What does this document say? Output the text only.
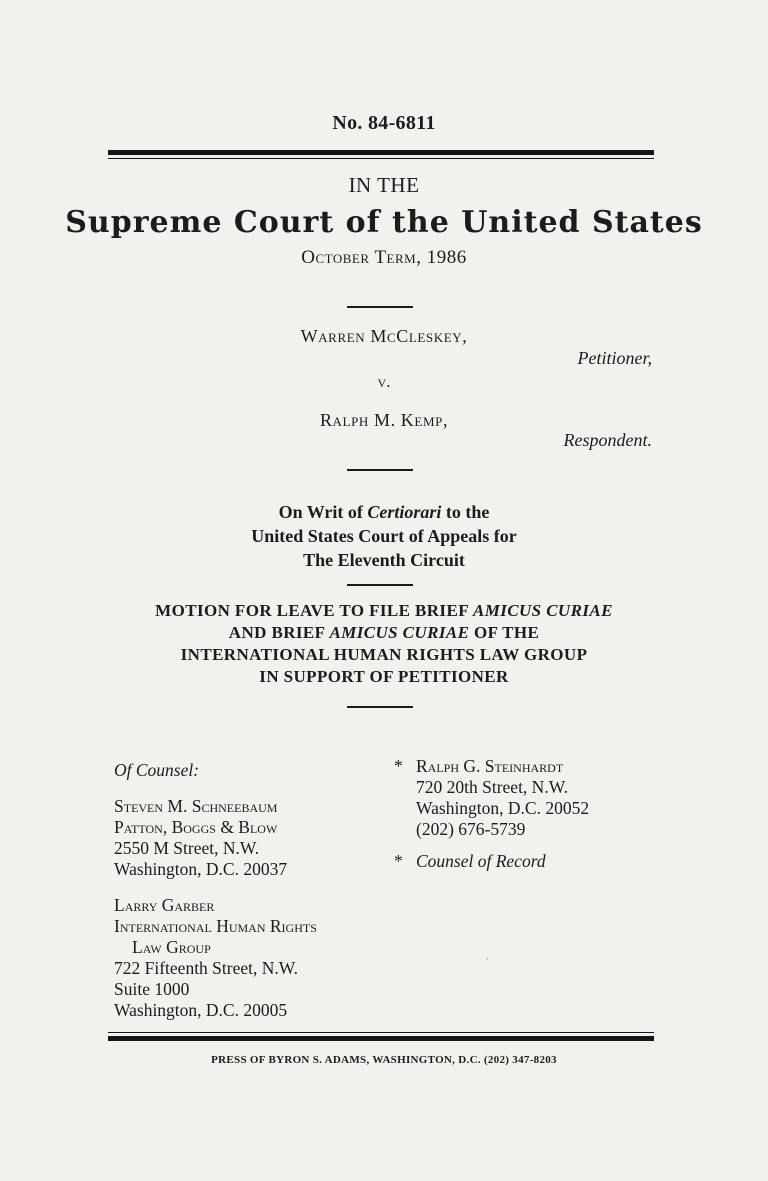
No. 84-6811
IN THE
Supreme Court of the United States
October Term, 1986
Warren McCleskey,
Petitioner,
v.
Ralph M. Kemp,
Respondent.
On Writ of Certiorari to the
United States Court of Appeals for
The Eleventh Circuit
MOTION FOR LEAVE TO FILE BRIEF AMICUS CURIAE
AND BRIEF AMICUS CURIAE OF THE
INTERNATIONAL HUMAN RIGHTS LAW GROUP
IN SUPPORT OF PETITIONER
Of Counsel:
Steven M. Schneebaum
Patton, Boggs & Blow
2550 M Street, N.W.
Washington, D.C. 20037
Larry Garber
International Human Rights
Law Group
722 Fifteenth Street, N.W.
Suite 1000
Washington, D.C. 20005
* Ralph G. Steinhardt
720 20th Street, N.W.
Washington, D.C. 20052
(202) 676-5739
* Counsel of Record
PRESS OF BYRON S. ADAMS, WASHINGTON, D.C. (202) 347-8203
